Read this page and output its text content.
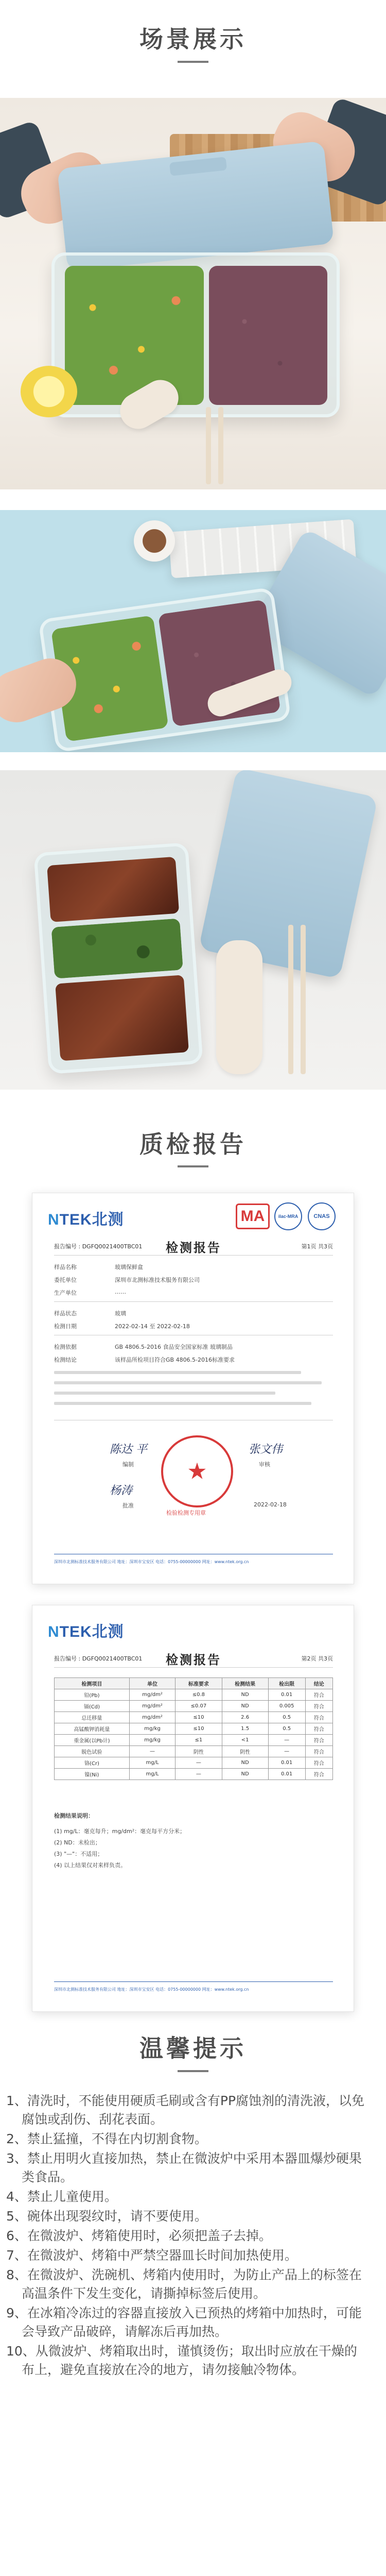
场景展示
质检报告
NTEK北测	MA	ilac-MRA	CNAS
报告编号 : DGFQ0021400TBC01	检测报告	第1页 共3页
样品名称	玻璃保鲜盒
委托单位	深圳市北测标准技术服务有限公司
生产单位	……
样品状态	玻璃
检测日期	2022-02-14 至 2022-02-18
检测依据	GB 4806.5-2016 食品安全国家标准 玻璃制品
检测结论	该样品所检项目符合GB 4806.5-2016标准要求
陈达 平
编制
张文伟
审核
杨涛
批准
★
检验检测专用章
2022-02-18
深圳市北测标准技术服务有限公司 地址：深圳市宝安区 电话：0755-00000000 网址：www.ntek.org.cn
NTEK北测
报告编号 : DGFQ0021400TBC01	检测报告	第2页 共3页
检测项目	单位	标准要求	检测结果	检出限	结论
铅(Pb)	mg/dm²	≤0.8	ND	0.01	符合
镉(Cd)	mg/dm²	≤0.07	ND	0.005	符合
总迁移量	mg/dm²	≤10	2.6	0.5	符合
高锰酸钾消耗量	mg/kg	≤10	1.5	0.5	符合
重金属(以Pb计)	mg/kg	≤1	<1	—	符合
脱色试验	—	阴性	阴性	—	符合
铬(Cr)	mg/L	—	ND	0.01	符合
镍(Ni)	mg/L	—	ND	0.01	符合
检测结果说明：
(1) mg/L：毫克每升；mg/dm²：毫克每平方分米；
(2) ND：未检出；
(3) "—"：不适用；
(4) 以上结果仅对来样负责。
深圳市北测标准技术服务有限公司 地址：深圳市宝安区 电话：0755-00000000 网址：www.ntek.org.cn
温馨提示
1、清洗时，不能使用硬质毛刷或含有PP腐蚀剂的清洗液，以免腐蚀或刮伤、刮花表面。
2、禁止猛撞，不得在内切割食物。
3、禁止用明火直接加热，禁止在微波炉中采用本器皿爆炒硬果类食品。
4、禁止儿童使用。
5、碗体出现裂纹时，请不要使用。
6、在微波炉、烤箱使用时，必须把盖子去掉。
7、在微波炉、烤箱中严禁空器皿长时间加热使用。
8、在微波炉、洗碗机、烤箱内使用时，为防止产品上的标签在高温条件下发生变化，请撕掉标签后使用。
9、在冰箱冷冻过的容器直接放入已预热的烤箱中加热时，可能会导致产品破碎，请解冻后再加热。
10、从微波炉、烤箱取出时，谨慎烫伤；取出时应放在干燥的布上，避免直接放在冷的地方，请勿接触冷物体。
